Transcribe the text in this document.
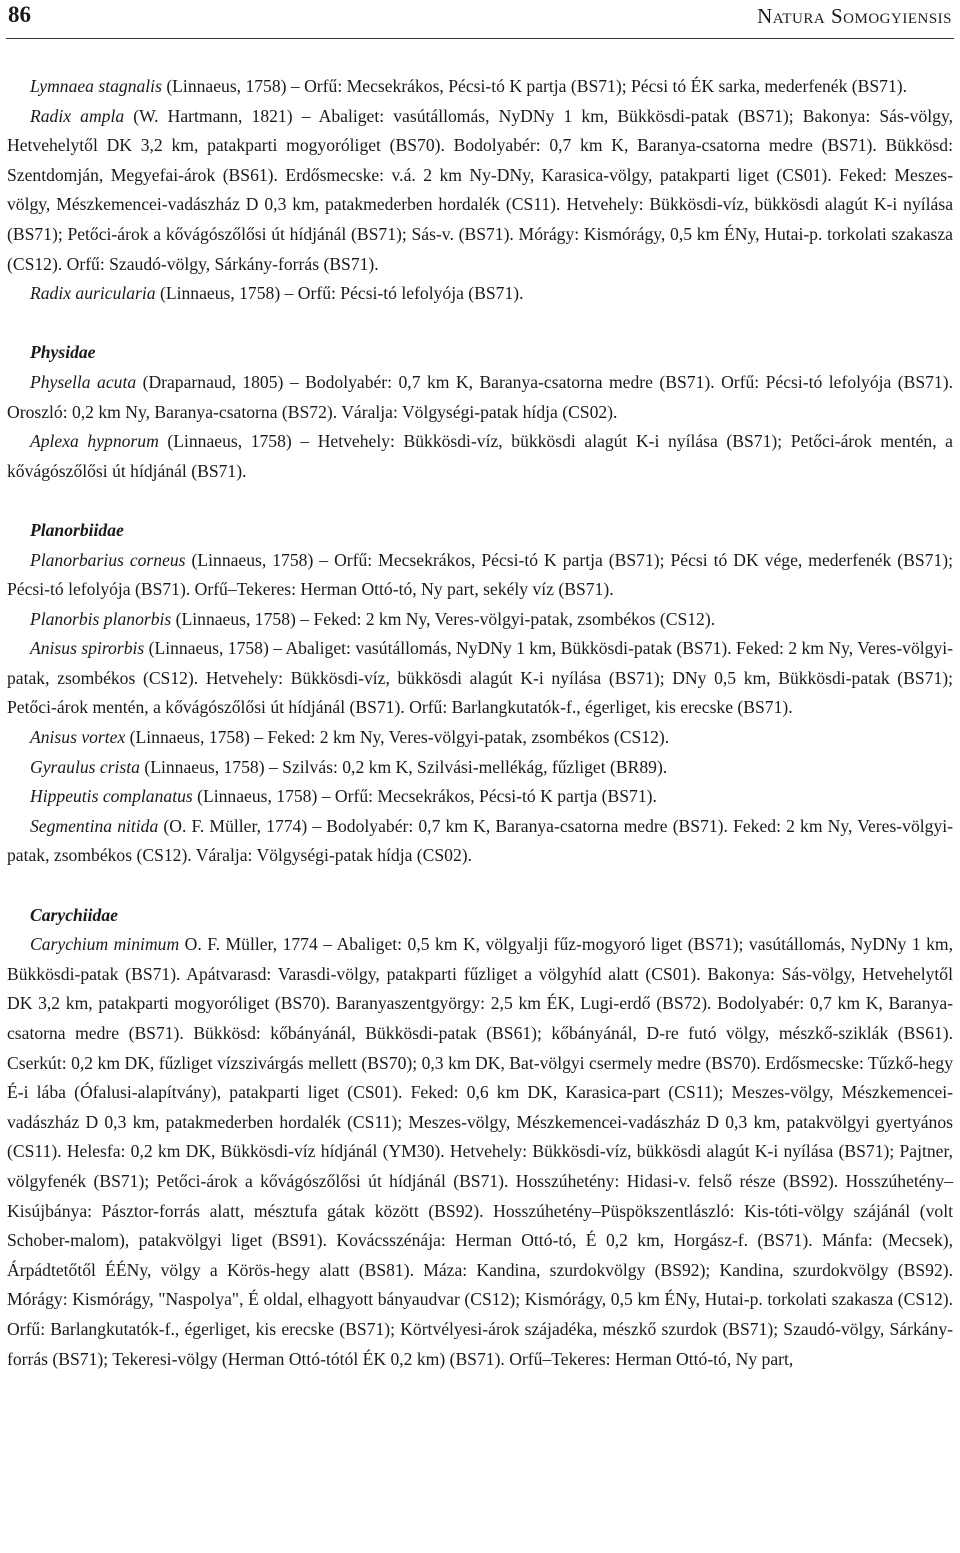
86	Natura Somogyiensis

Lymnaea stagnalis (Linnaeus, 1758) – Orfű: Mecsekrákos, Pécsi-tó K partja (BS71); Pécsi tó ÉK sarka, mederfenék (BS71).

Radix ampla (W. Hartmann, 1821) – Abaliget: vasútállomás, NyDNy 1 km, Bükkösdi-patak (BS71); Bakonya: Sás-völgy, Hetvehelytől DK 3,2 km, patakparti mogyoróliget (BS70). Bodolyabér: 0,7 km K, Baranya-csatorna medre (BS71). Bükkösd: Szentdomján, Megyefai-árok (BS61). Erdősmecske: v.á. 2 km Ny-DNy, Karasica-völgy, patakparti liget (CS01). Feked: Meszes-völgy, Mészkemencei-vadászház D 0,3 km, patakmederben hordalék (CS11). Hetvehely: Bükkösdi-víz, bükkösdi alagút K-i nyílása (BS71); Petőci-árok a kővágószőlősi út hídjánál (BS71); Sás-v. (BS71). Mórágy: Kismórágy, 0,5 km ÉNy, Hutai-p. torkolati szakasza (CS12). Orfű: Szaudó-völgy, Sárkány-forrás (BS71).

Radix auricularia (Linnaeus, 1758) – Orfű: Pécsi-tó lefolyója (BS71).

Physidae

Physella acuta (Draparnaud, 1805) – Bodolyabér: 0,7 km K, Baranya-csatorna medre (BS71). Orfű: Pécsi-tó lefolyója (BS71). Oroszló: 0,2 km Ny, Baranya-csatorna (BS72). Váralja: Völgységi-patak hídja (CS02).

Aplexa hypnorum (Linnaeus, 1758) – Hetvehely: Bükkösdi-víz, bükkösdi alagút K-i nyílása (BS71); Petőci-árok mentén, a kővágószőlősi út hídjánál (BS71).

Planorbiidae

Planorbarius corneus (Linnaeus, 1758) – Orfű: Mecsekrákos, Pécsi-tó K partja (BS71); Pécsi tó DK vége, mederfenék (BS71); Pécsi-tó lefolyója (BS71). Orfű–Tekeres: Herman Ottó-tó, Ny part, sekély víz (BS71).

Planorbis planorbis (Linnaeus, 1758) – Feked: 2 km Ny, Veres-völgyi-patak, zsombékos (CS12).

Anisus spirorbis (Linnaeus, 1758) – Abaliget: vasútállomás, NyDNy 1 km, Bükkösdi-patak (BS71). Feked: 2 km Ny, Veres-völgyi-patak, zsombékos (CS12). Hetvehely: Bükkösdi-víz, bükkösdi alagút K-i nyílása (BS71); DNy 0,5 km, Bükkösdi-patak (BS71); Petőci-árok mentén, a kővágószőlősi út hídjánál (BS71). Orfű: Barlangkutatók-f., égerliget, kis erecske (BS71).

Anisus vortex (Linnaeus, 1758) – Feked: 2 km Ny, Veres-völgyi-patak, zsombékos (CS12).

Gyraulus crista (Linnaeus, 1758) – Szilvás: 0,2 km K, Szilvási-mellékág, fűzliget (BR89).

Hippeutis complanatus (Linnaeus, 1758) – Orfű: Mecsekrákos, Pécsi-tó K partja (BS71).

Segmentina nitida (O. F. Müller, 1774) – Bodolyabér: 0,7 km K, Baranya-csatorna medre (BS71). Feked: 2 km Ny, Veres-völgyi-patak, zsombékos (CS12). Váralja: Völgységi-patak hídja (CS02).

Carychiidae

Carychium minimum O. F. Müller, 1774 – Abaliget: 0,5 km K, völgyalji fűz-mogyoró liget (BS71); vasútállomás, NyDNy 1 km, Bükkösdi-patak (BS71). Apátvarasd: Varasdi-völgy, patakparti fűzliget a völgyhíd alatt (CS01). Bakonya: Sás-völgy, Hetvehelytől DK 3,2 km, patakparti mogyoróliget (BS70). Baranyaszentgyörgy: 2,5 km ÉK, Lugi-erdő (BS72). Bodolyabér: 0,7 km K, Baranya-csatorna medre (BS71). Bükkösd: kőbányánál, Bükkösdi-patak (BS61); kőbányánál, D-re futó völgy, mészkő-sziklák (BS61). Cserkút: 0,2 km DK, fűzliget vízszivárgás mellett (BS70); 0,3 km DK, Bat-völgyi csermely medre (BS70). Erdősmecske: Tűzkő-hegy É-i lába (Ófalusi-alapítvány), patakparti liget (CS01). Feked: 0,6 km DK, Karasica-part (CS11); Meszes-völgy, Mészkemencei-vadászház D 0,3 km, patakmederben hordalék (CS11); Meszes-völgy, Mészkemencei-vadászház D 0,3 km, patakvölgyi gyertyános (CS11). Helesfa: 0,2 km DK, Bükkösdi-víz hídjánál (YM30). Hetvehely: Bükkösdi-víz, bükkösdi alagút K-i nyílása (BS71); Pajtner, völgyfenék (BS71); Petőci-árok a kővágószőlősi út hídjánál (BS71). Hosszúhetény: Hidasi-v. felső része (BS92). Hosszúhetény–Kisújbánya: Pásztor-forrás alatt, mésztufa gátak között (BS92). Hosszúhetény–Püspökszentlászló: Kis-tóti-völgy szájánál (volt Schober-malom), patakvölgyi liget (BS91). Kovácsszénája: Herman Ottó-tó, É 0,2 km, Horgász-f. (BS71). Mánfa: (Mecsek), Árpádtetőtől ÉÉNy, völgy a Körös-hegy alatt (BS81). Máza: Kandina, szurdokvölgy (BS92); Kandina, szurdokvölgy (BS92). Mórágy: Kismórágy, "Naspolya", É oldal, elhagyott bányaudvar (CS12); Kismórágy, 0,5 km ÉNy, Hutai-p. torkolati szakasza (CS12). Orfű: Barlangkutatók-f., égerliget, kis erecske (BS71); Körtvélyesi-árok szájadéka, mészkő szurdok (BS71); Szaudó-völgy, Sárkány-forrás (BS71); Tekeresi-völgy (Herman Ottó-tótól ÉK 0,2 km) (BS71). Orfű–Tekeres: Herman Ottó-tó, Ny part,
